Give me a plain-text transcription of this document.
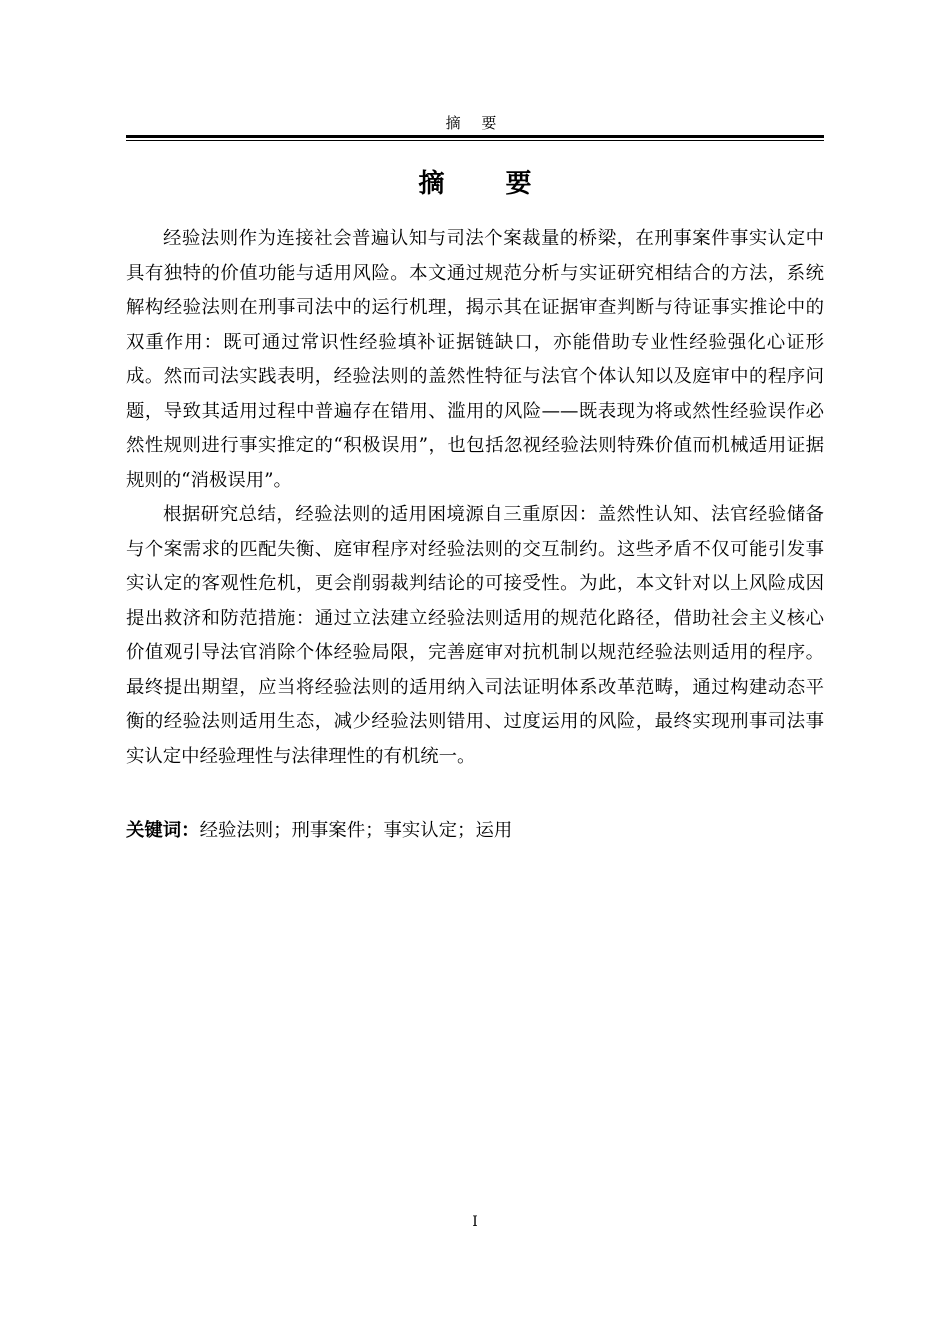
摘 要
摘 要

经验法则作为连接社会普遍认知与司法个案裁量的桥梁，在刑事案件事实认定中具有独特的价值功能与适用风险。本文通过规范分析与实证研究相结合的方法，系统解构经验法则在刑事司法中的运行机理，揭示其在证据审查判断与待证事实推论中的双重作用：既可通过常识性经验填补证据链缺口，亦能借助专业性经验强化心证形成。然而司法实践表明，经验法则的盖然性特征与法官个体认知以及庭审中的程序问题，导致其适用过程中普遍存在错用、滥用的风险——既表现为将或然性经验误作必然性规则进行事实推定的“积极误用”，也包括忽视经验法则特殊价值而机械适用证据规则的“消极误用”。

根据研究总结，经验法则的适用困境源自三重原因：盖然性认知、法官经验储备与个案需求的匹配失衡、庭审程序对经验法则的交互制约。这些矛盾不仅可能引发事实认定的客观性危机，更会削弱裁判结论的可接受性。为此，本文针对以上风险成因提出救济和防范措施：通过立法建立经验法则适用的规范化路径，借助社会主义核心价值观引导法官消除个体经验局限，完善庭审对抗机制以规范经验法则适用的程序。最终提出期望，应当将经验法则的适用纳入司法证明体系改革范畴，通过构建动态平衡的经验法则适用生态，减少经验法则错用、过度运用的风险，最终实现刑事司法事实认定中经验理性与法律理性的有机统一。

关键词：经验法则；刑事案件；事实认定；运用
I
